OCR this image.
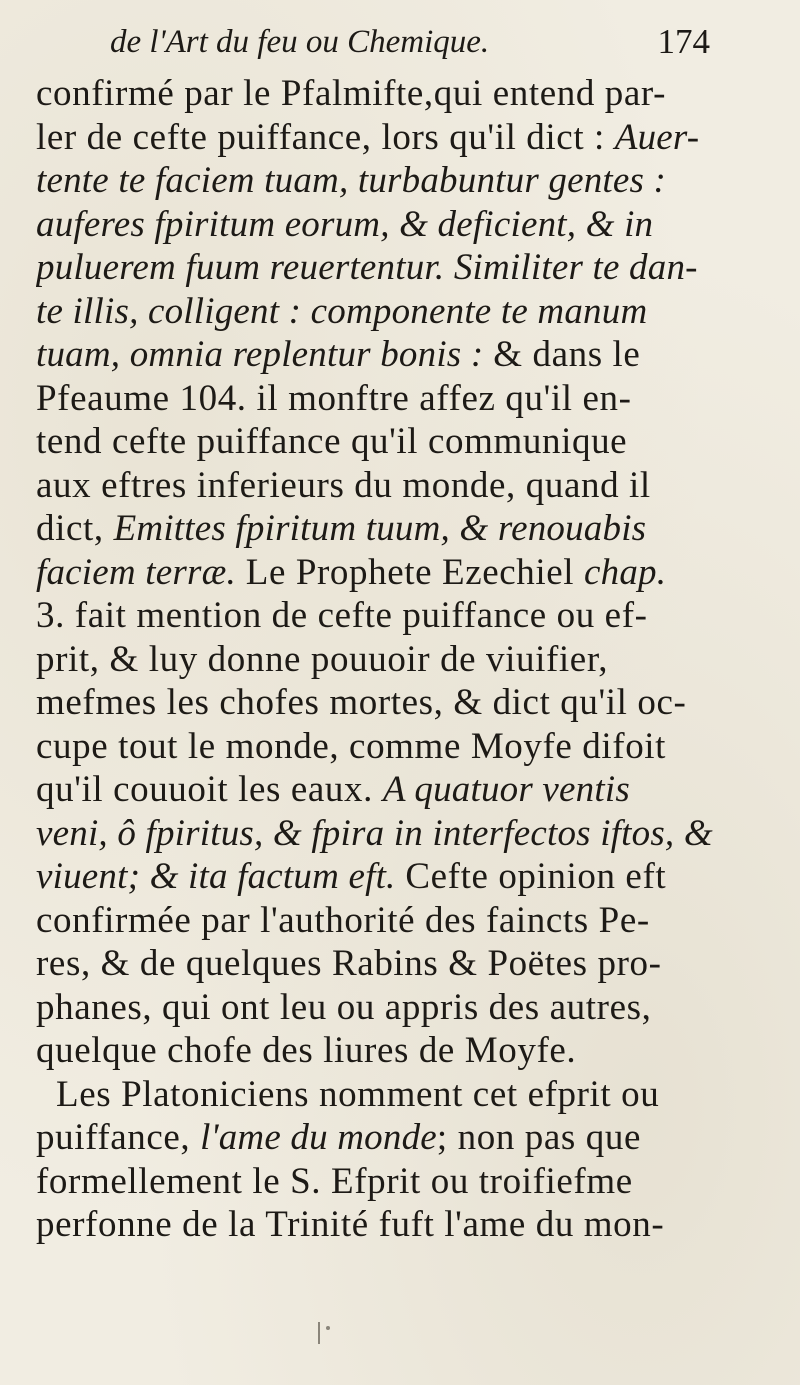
de l'Art du feu ou Chemique.	174
confirmé par le Pfalmifte,qui entend par-
ler de cefte puiffance, lors qu'il dict : Auer-
tente te faciem tuam, turbabuntur gentes :
auferes fpiritum eorum, & deficient, & in
puluerem fuum reuertentur. Similiter te dan-
te illis, colligent : componente te manum
tuam, omnia replentur bonis : & dans le
Pfeaume 104. il monftre affez qu'il en-
tend cefte puiffance qu'il communique
aux eftres inferieurs du monde, quand il
dict, Emittes fpiritum tuum, & renouabis
faciem terræ. Le Prophete Ezechiel chap.
3. fait mention de cefte puiffance ou ef-
prit, & luy donne pouuoir de viuifier,
mefmes les chofes mortes, & dict qu'il oc-
cupe tout le monde, comme Moyfe difoit
qu'il couuoit les eaux. A quatuor ventis
veni, ô fpiritus, & fpira in interfectos iftos, &
viuent; & ita factum eft. Cefte opinion eft
confirmée par l'authorité des faincts Pe-
res, & de quelques Rabins & Poëtes pro-
phanes, qui ont leu ou appris des autres,
quelque chofe des liures de Moyfe.
Les Platoniciens nomment cet efprit ou
puiffance, l'ame du monde; non pas que
formellement le S. Efprit ou troifiefme
perfonne de la Trinité fuft l'ame du mon-
